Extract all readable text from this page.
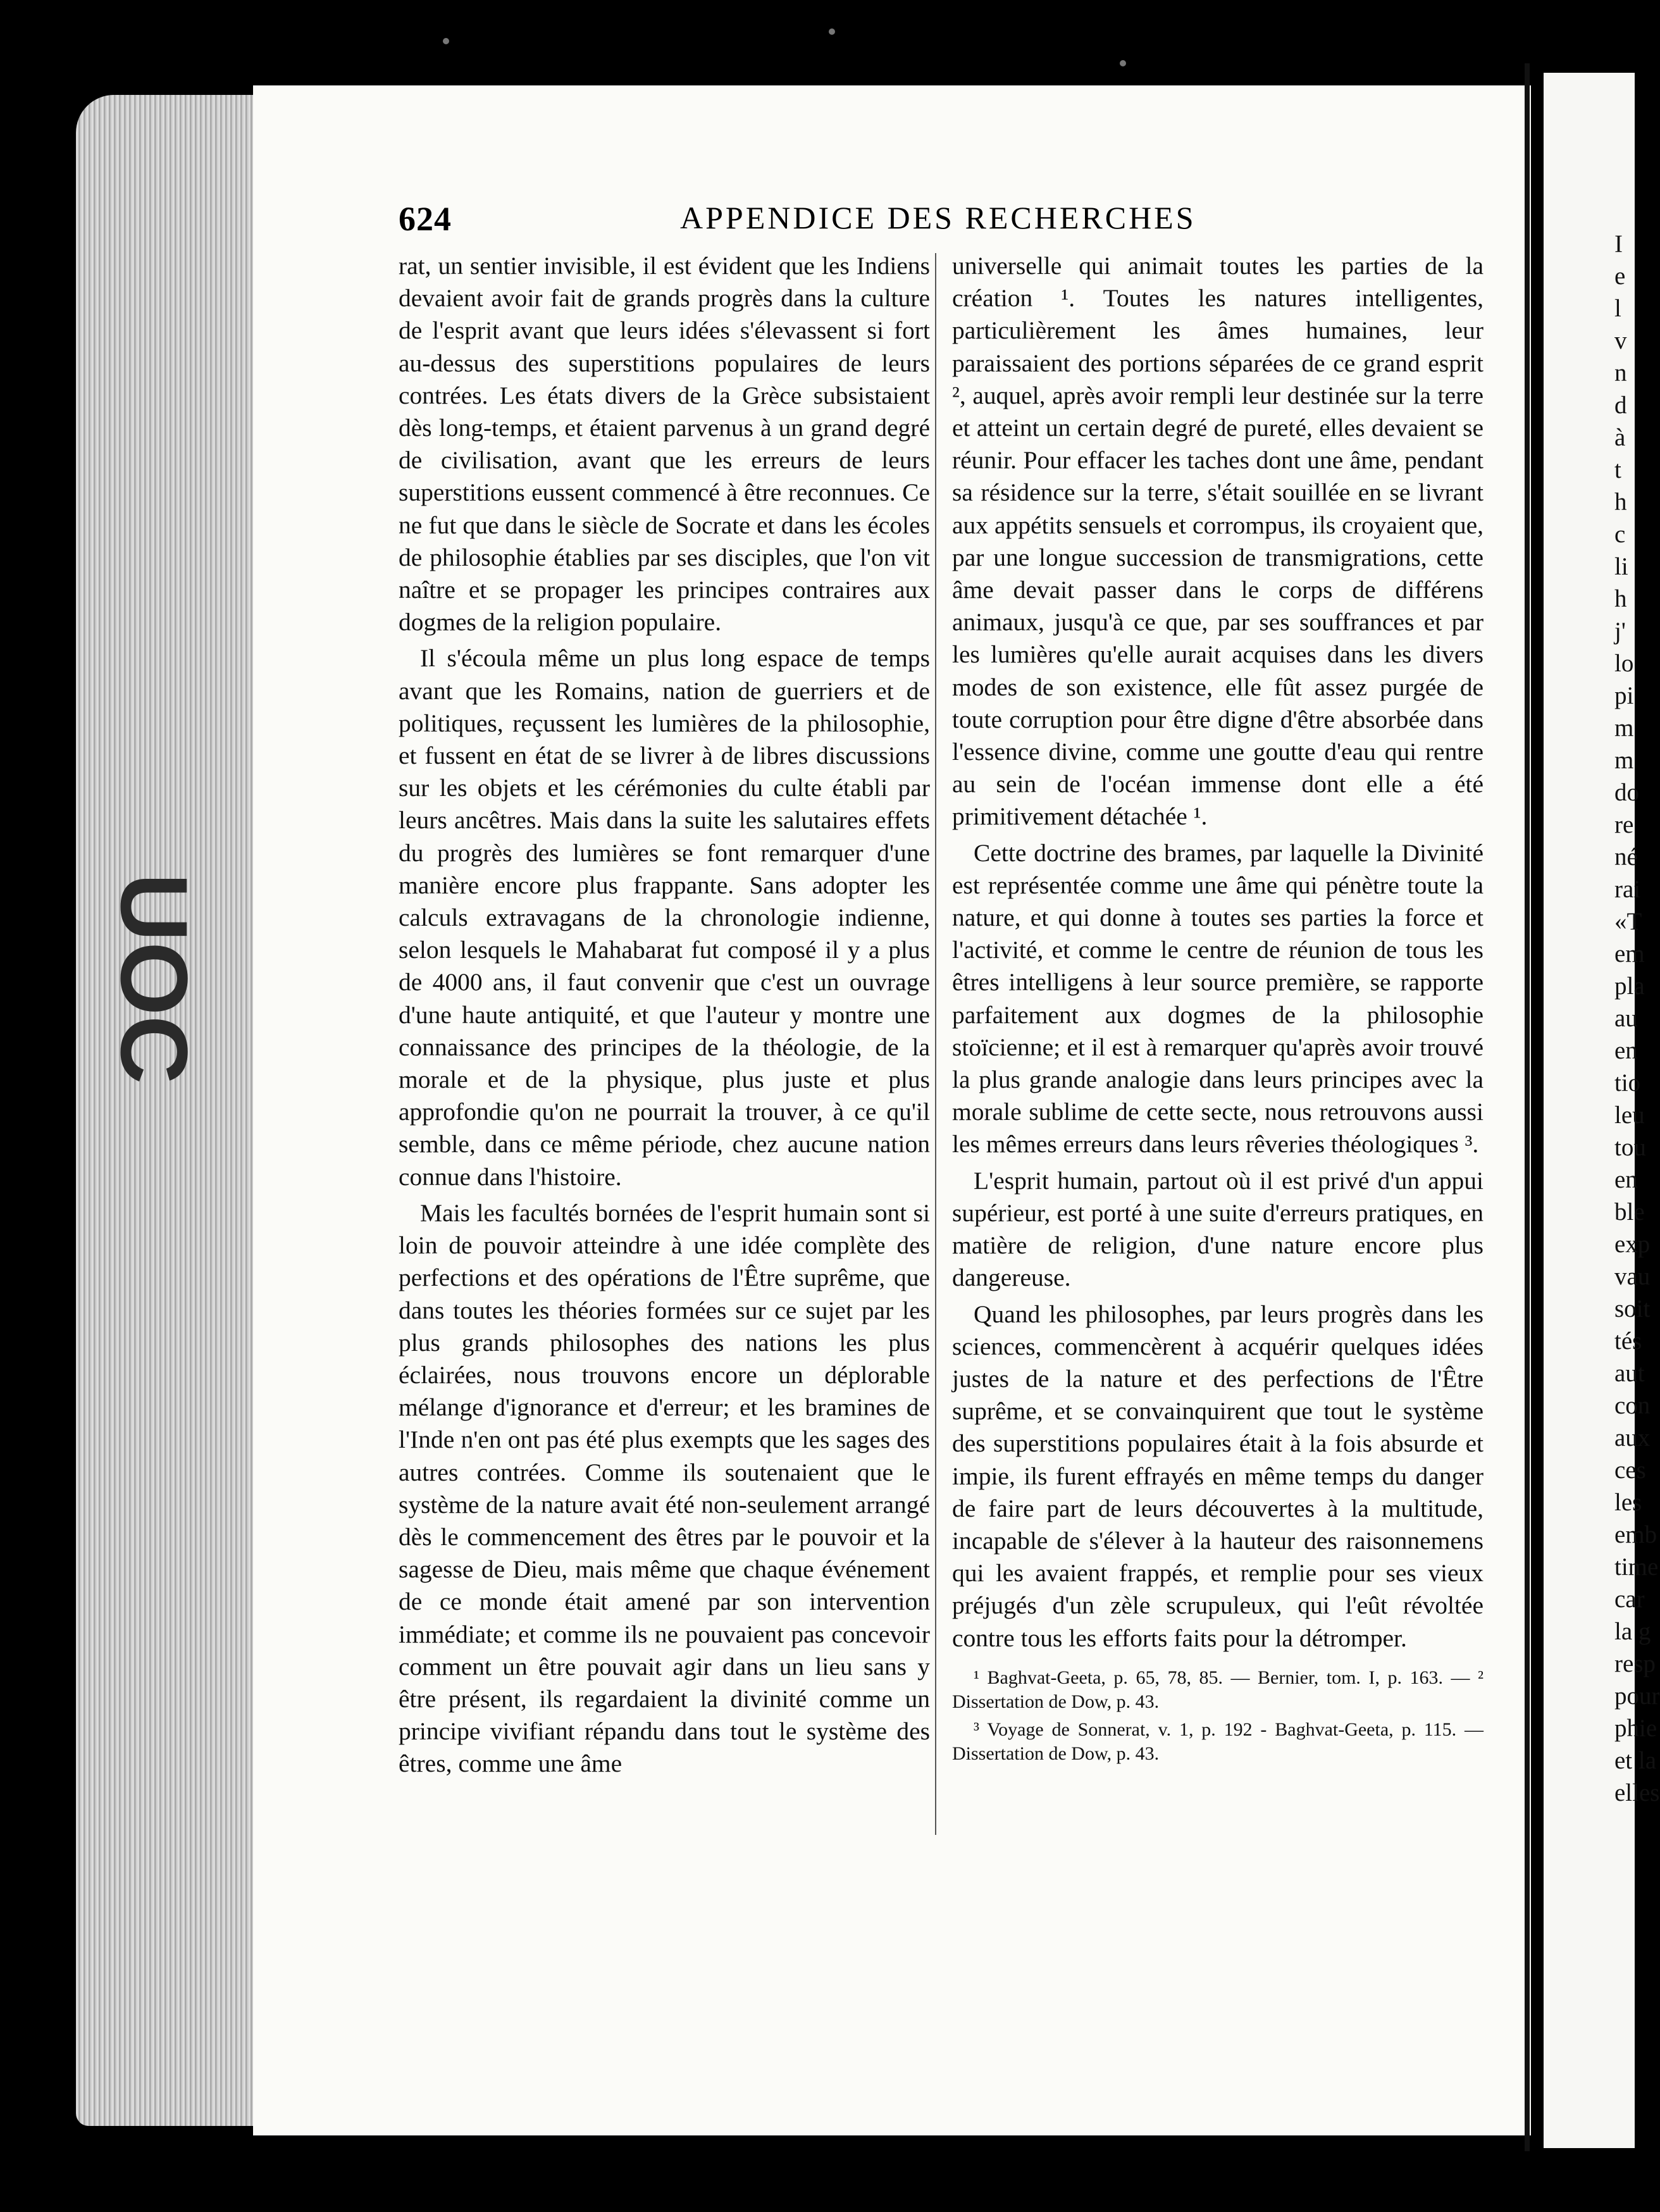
UOC
624	APPENDICE DES RECHERCHES

rat, un sentier invisible, il est évident que les Indiens devaient avoir fait de grands progrès dans la culture de l'esprit avant que leurs idées s'élevassent si fort au-dessus des superstitions populaires de leurs contrées. Les états divers de la Grèce subsistaient dès long-temps, et étaient parvenus à un grand degré de civilisation, avant que les erreurs de leurs superstitions eussent commencé à être reconnues. Ce ne fut que dans le siècle de Socrate et dans les écoles de philosophie établies par ses disciples, que l'on vit naître et se propager les principes contraires aux dogmes de la religion populaire.

Il s'écoula même un plus long espace de temps avant que les Romains, nation de guerriers et de politiques, reçussent les lumières de la philosophie, et fussent en état de se livrer à de libres discussions sur les objets et les cérémonies du culte établi par leurs ancêtres. Mais dans la suite les salutaires effets du progrès des lumières se font remarquer d'une manière encore plus frappante. Sans adopter les calculs extravagans de la chronologie indienne, selon lesquels le Mahabarat fut composé il y a plus de 4000 ans, il faut convenir que c'est un ouvrage d'une haute antiquité, et que l'auteur y montre une connaissance des principes de la théologie, de la morale et de la physique, plus juste et plus approfondie qu'on ne pourrait la trouver, à ce qu'il semble, dans ce même période, chez aucune nation connue dans l'histoire.

Mais les facultés bornées de l'esprit humain sont si loin de pouvoir atteindre à une idée complète des perfections et des opérations de l'Être suprême, que dans toutes les théories formées sur ce sujet par les plus grands philosophes des nations les plus éclairées, nous trouvons encore un déplorable mélange d'ignorance et d'erreur; et les bramines de l'Inde n'en ont pas été plus exempts que les sages des autres contrées. Comme ils soutenaient que le système de la nature avait été non-seulement arrangé dès le commencement des êtres par le pouvoir et la sagesse de Dieu, mais même que chaque événement de ce monde était amené par son intervention immédiate; et comme ils ne pouvaient pas concevoir comment un être pouvait agir dans un lieu sans y être présent, ils regardaient la divinité comme un principe vivifiant répandu dans tout le système des êtres, comme une âme

universelle qui animait toutes les parties de la création ¹. Toutes les natures intelligentes, particulièrement les âmes humaines, leur paraissaient des portions séparées de ce grand esprit ², auquel, après avoir rempli leur destinée sur la terre et atteint un certain degré de pureté, elles devaient se réunir. Pour effacer les taches dont une âme, pendant sa résidence sur la terre, s'était souillée en se livrant aux appétits sensuels et corrompus, ils croyaient que, par une longue succession de transmigrations, cette âme devait passer dans le corps de différens animaux, jusqu'à ce que, par ses souffrances et par les lumières qu'elle aurait acquises dans les divers modes de son existence, elle fût assez purgée de toute corruption pour être digne d'être absorbée dans l'essence divine, comme une goutte d'eau qui rentre au sein de l'océan immense dont elle a été primitivement détachée ¹.

Cette doctrine des brames, par laquelle la Divinité est représentée comme une âme qui pénètre toute la nature, et qui donne à toutes ses parties la force et l'activité, et comme le centre de réunion de tous les êtres intelligens à leur source première, se rapporte parfaitement aux dogmes de la philosophie stoïcienne; et il est à remarquer qu'après avoir trouvé la plus grande analogie dans leurs principes avec la morale sublime de cette secte, nous retrouvons aussi les mêmes erreurs dans leurs rêveries théologiques ³.

L'esprit humain, partout où il est privé d'un appui supérieur, est porté à une suite d'erreurs pratiques, en matière de religion, d'une nature encore plus dangereuse.

Quand les philosophes, par leurs progrès dans les sciences, commencèrent à acquérir quelques idées justes de la nature et des perfections de l'Être suprême, et se convainquirent que tout le système des superstitions populaires était à la fois absurde et impie, ils furent effrayés en même temps du danger de faire part de leurs découvertes à la multitude, incapable de s'élever à la hauteur des raisonnemens qui les avaient frappés, et remplie pour ses vieux préjugés d'un zèle scrupuleux, qui l'eût révoltée contre tous les efforts faits pour la détromper.

¹ Baghvat-Geeta, p. 65, 78, 85. — Bernier, tom. I, p. 163. — ² Dissertation de Dow, p. 43.

³ Voyage de Sonnerat, v. 1, p. 192 - Baghvat-Geeta, p. 115. — Dissertation de Dow, p. 43.

I
e
l
v
n
d
à
t
h
c
li
h
j'
lo
pi
m
m
do
re
né
rai
«T
em
pla
au
en
tio
leu
tou
en
ble
exp
vau
soit
tés
aut
con
aux
ces
les
emb
time
car
la g
resp
pour
phie
et la
elles
